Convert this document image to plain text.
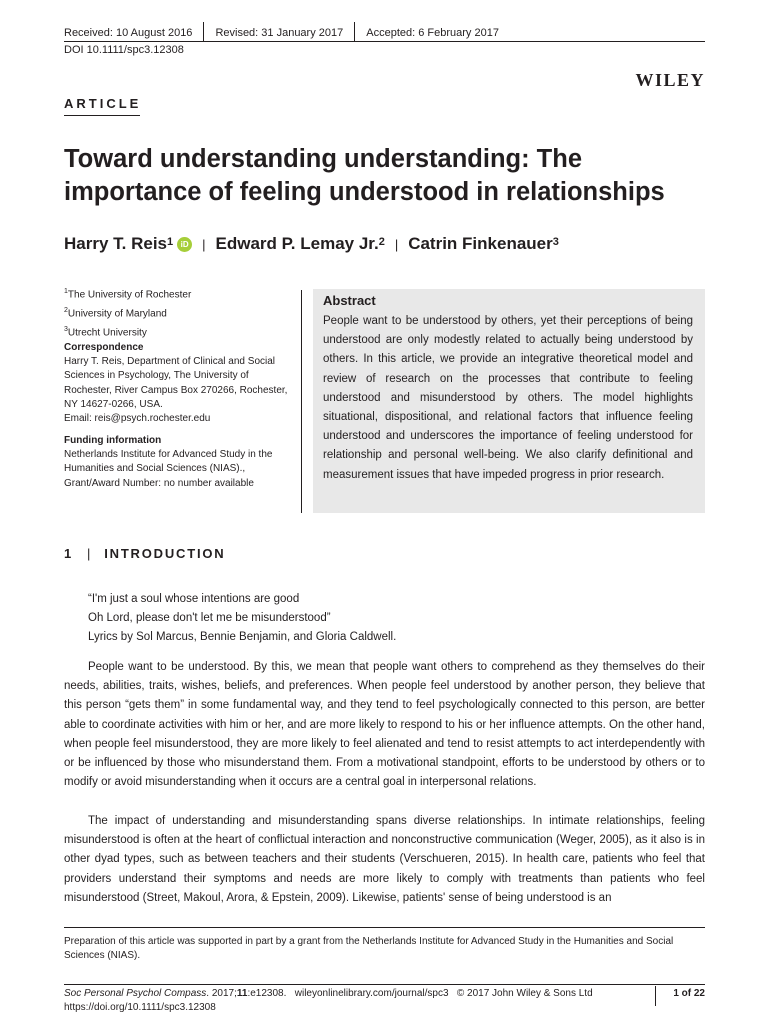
Received: 10 August 2016	Revised: 31 January 2017	Accepted: 6 February 2017
DOI 10.1111/spc3.12308
WILEY
ARTICLE
Toward understanding understanding: The importance of feeling understood in relationships
Harry T. Reis$^1$ iD	| Edward P. Lemay Jr.$^2$ | Catrin Finkenauer$^3$
$^1$The University of Rochester
$^2$University of Maryland
$^3$Utrecht University
Correspondence
Harry T. Reis, Department of Clinical and Social Sciences in Psychology, The University of Rochester, River Campus Box 270266, Rochester, NY 14627-0266, USA.
Email: reis@psych.rochester.edu
Funding information
Netherlands Institute for Advanced Study in the Humanities and Social Sciences (NIAS)., Grant/Award Number: no number available
Abstract
People want to be understood by others, yet their perceptions of being understood are only modestly related to actually being understood by others. In this article, we provide an integrative theoretical model and review of research on the processes that contribute to feeling understood and misunderstood by others. The model highlights situational, dispositional, and relational factors that influence feeling understood and underscores the importance of feeling understood for relationship and personal well-being. We also clarify definitional and measurement issues that have impeded progress in prior research.
1	| INTRODUCTION
“I'm just a soul whose intentions are good
Oh Lord, please don't let me be misunderstood”
Lyrics by Sol Marcus, Bennie Benjamin, and Gloria Caldwell.
People want to be understood. By this, we mean that people want others to comprehend as they themselves do their needs, abilities, traits, wishes, beliefs, and preferences. When people feel understood by another person, they believe that this person “gets them” in some fundamental way, and they tend to feel psychologically connected to this person, are better able to coordinate activities with him or her, and are more likely to respond to his or her influence attempts. On the other hand, when people feel misunderstood, they are more likely to feel alienated and tend to resist attempts to act interdependently with or be influenced by those who misunderstand them. From a motivational standpoint, efforts to be understood by others or to modify or avoid misunderstanding when it occurs are a central goal in interpersonal relations.
The impact of understanding and misunderstanding spans diverse relationships. In intimate relationships, feeling misunderstood is often at the heart of conflictual interaction and nonconstructive communication (Weger, 2005), as it also is in other dyad types, such as between teachers and their students (Verschueren, 2015). In health care, patients who feel that providers understand their symptoms and needs are more likely to comply with treatments than patients who feel misunderstood (Street, Makoul, Arora, & Epstein, 2009). Likewise, patients' sense of being understood is an
Preparation of this article was supported in part by a grant from the Netherlands Institute for Advanced Study in the Humanities and Social Sciences (NIAS).
Soc Personal Psychol Compass. 2017;11:e12308. wileyonlinelibrary.com/journal/spc3 © 2017 John Wiley & Sons Ltd
https://doi.org/10.1111/spc3.12308
1 of 22
